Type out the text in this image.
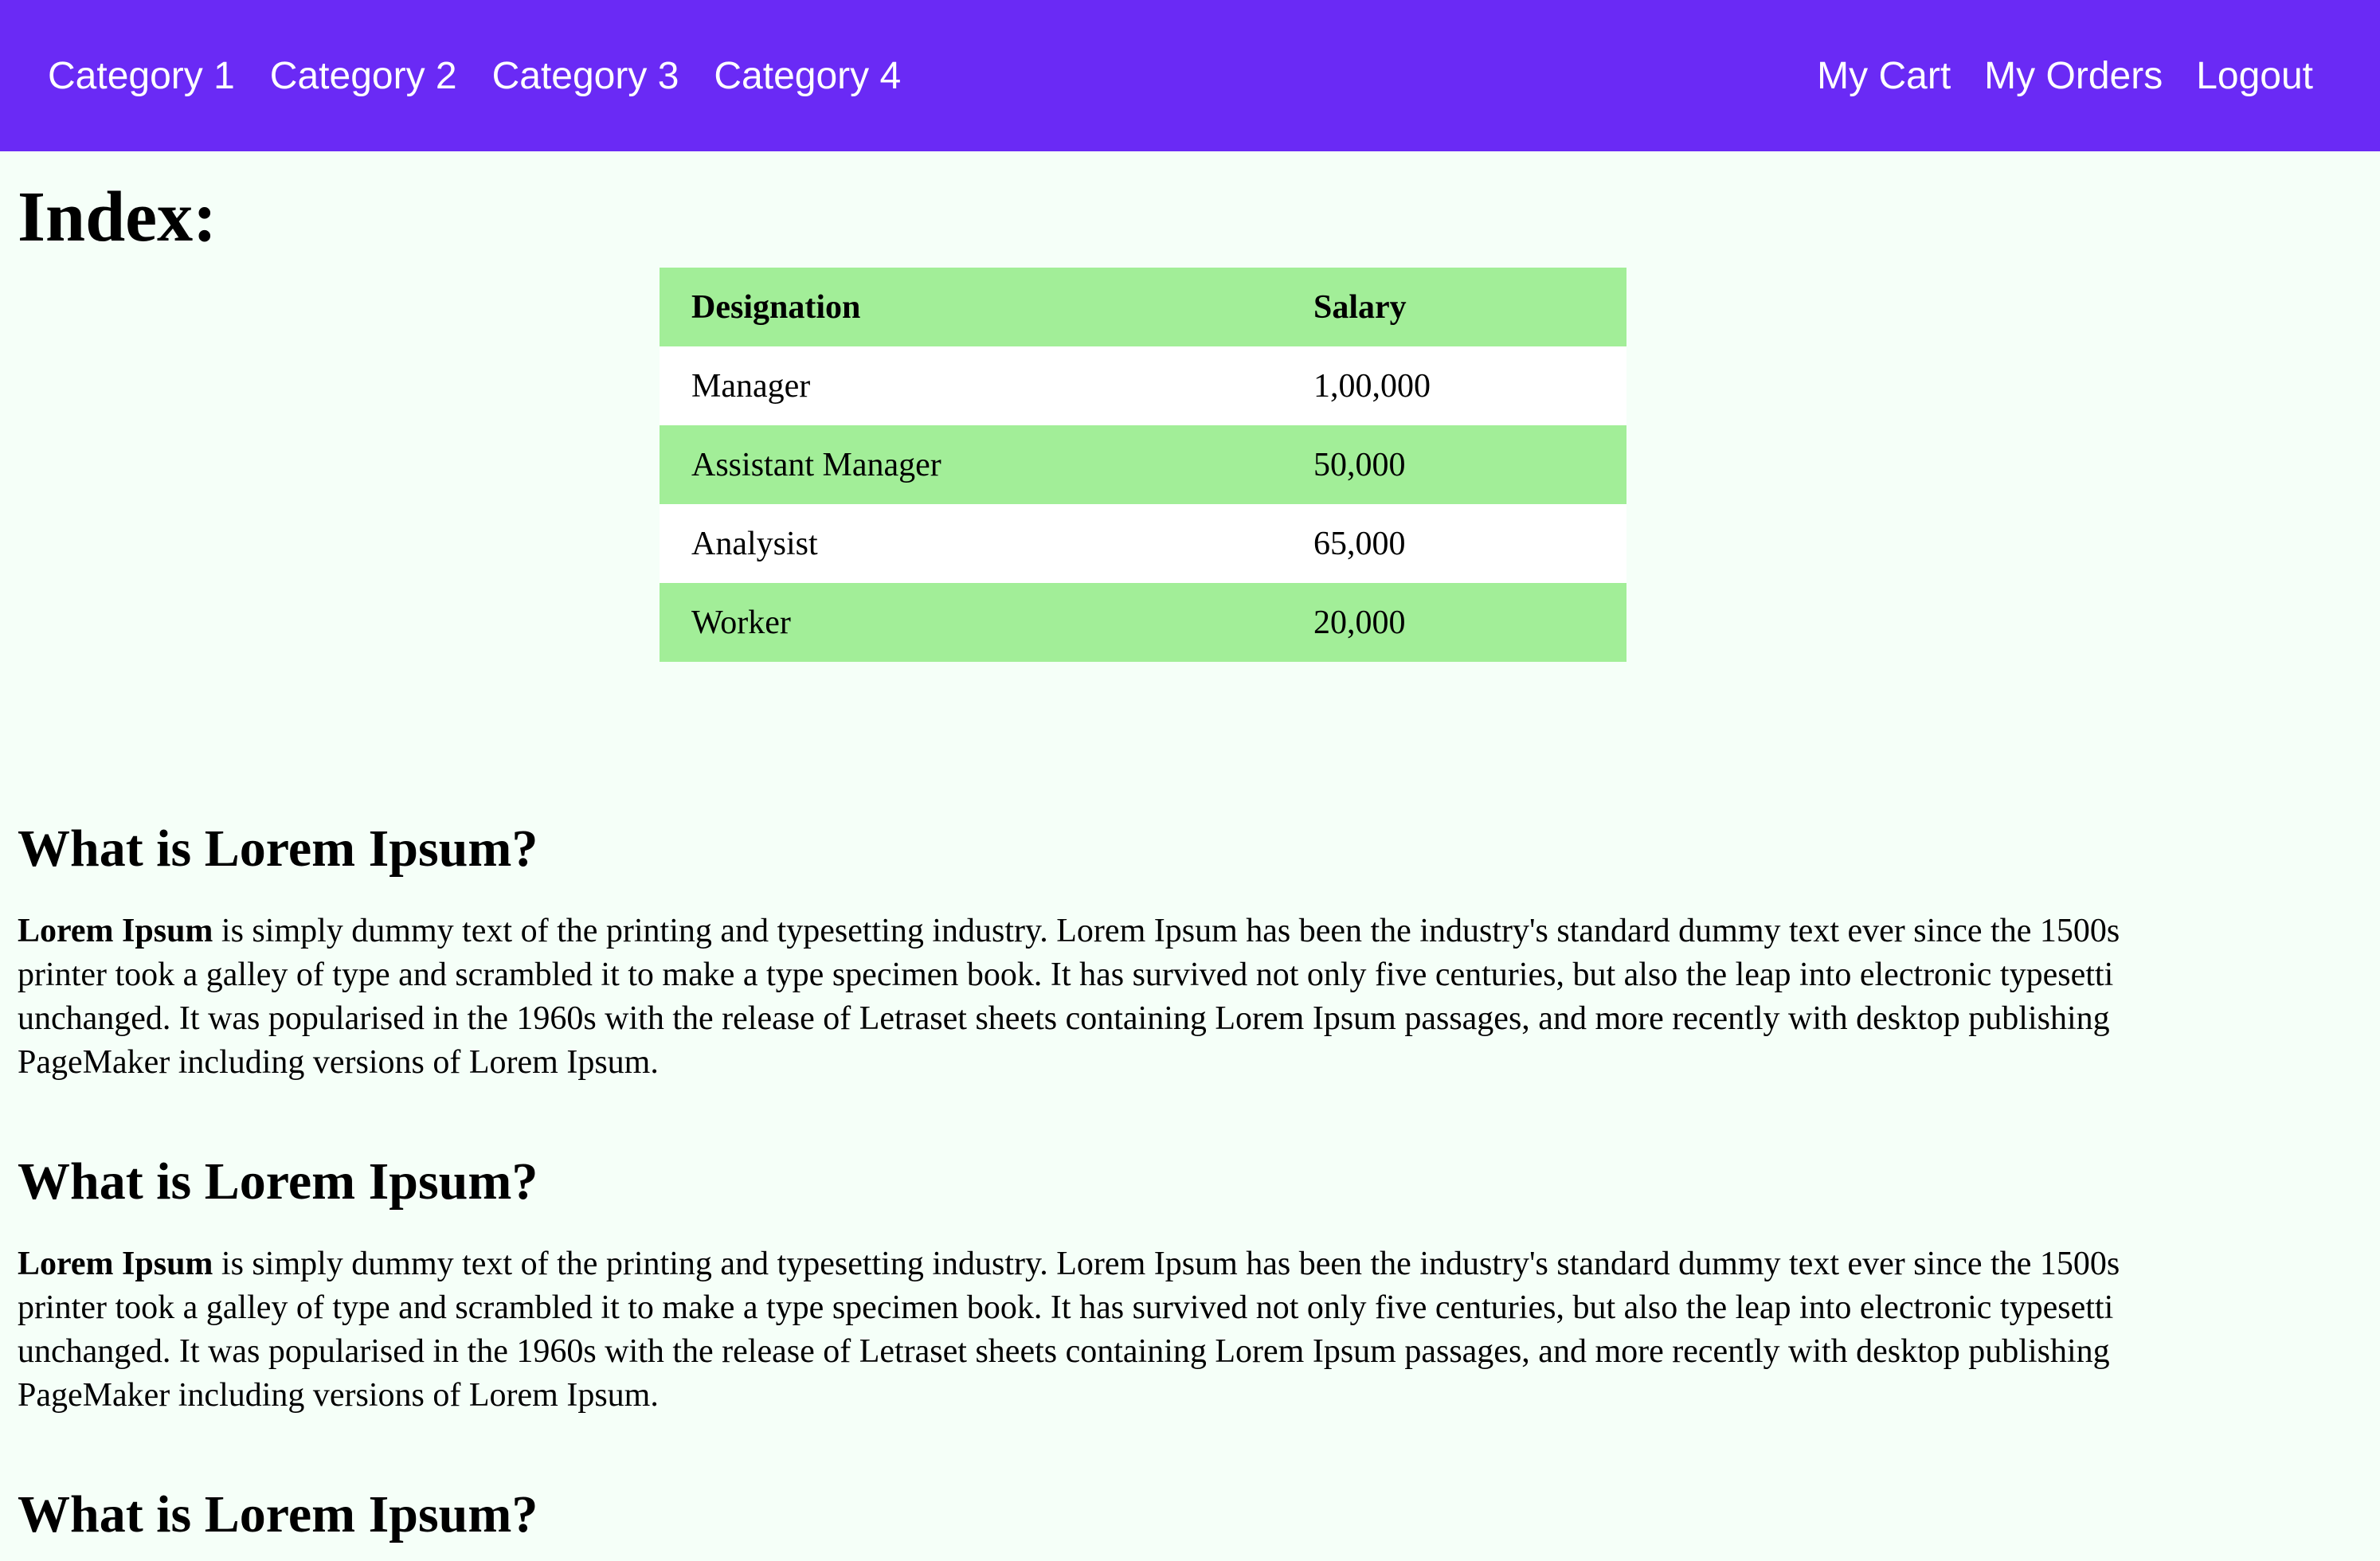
Category 1 Category 2 Category 3 Category 4	My Cart My Orders Logout
Index:
Designation	Salary
Manager	1,00,000
Assistant Manager	50,000
Analysist	65,000
Worker	20,000
What is Lorem Ipsum?

Lorem Ipsum is simply dummy text of the printing and typesetting industry. Lorem Ipsum has been the industry's standard dummy text ever since the 1500s
printer took a galley of type and scrambled it to make a type specimen book. It has survived not only five centuries, but also the leap into electronic typesetti
unchanged. It was popularised in the 1960s with the release of Letraset sheets containing Lorem Ipsum passages, and more recently with desktop publishing
PageMaker including versions of Lorem Ipsum.

What is Lorem Ipsum?

Lorem Ipsum is simply dummy text of the printing and typesetting industry. Lorem Ipsum has been the industry's standard dummy text ever since the 1500s
printer took a galley of type and scrambled it to make a type specimen book. It has survived not only five centuries, but also the leap into electronic typesetti
unchanged. It was popularised in the 1960s with the release of Letraset sheets containing Lorem Ipsum passages, and more recently with desktop publishing
PageMaker including versions of Lorem Ipsum.

What is Lorem Ipsum?
